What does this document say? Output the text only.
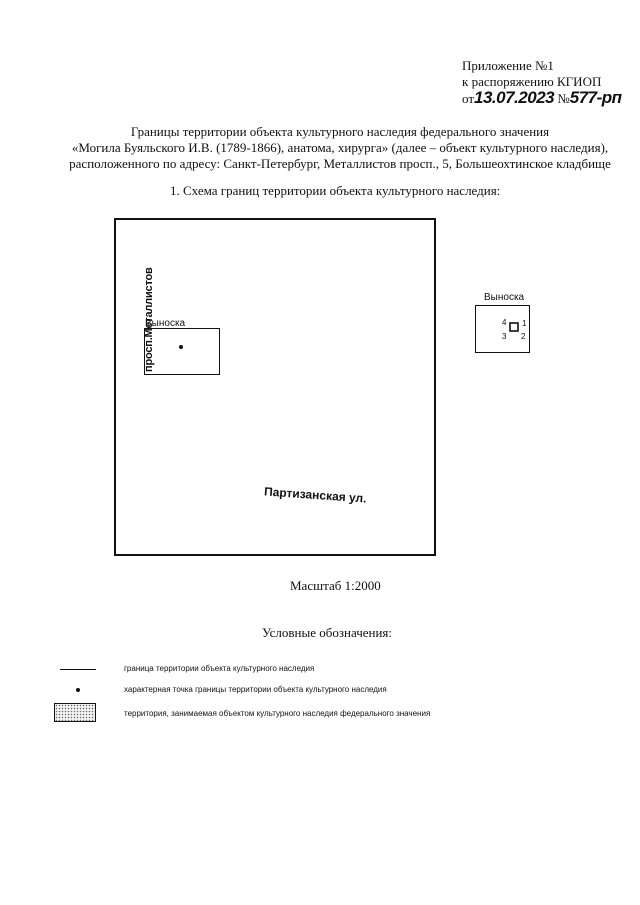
Приложение №1
к распоряжению КГИОП
от13.07.2023 №577-рп
Границы территории объекта культурного наследия федерального значения
«Могила Буяльского И.В. (1789-1866), анатома, хирурга» (далее – объект культурного наследия),
расположенного по адресу: Санкт-Петербург, Металлистов просп., 5, Большеохтинское кладбище
1. Схема границ территории объекта культурного наследия:
просп.Металлистов
Выноска
Партизанская ул.
Выноска
4 1
3 2
Масштаб 1:2000
Условные обозначения:
граница территории объекта культурного наследия
характерная точка границы территории объекта культурного наследия
территория, занимаемая объектом культурного наследия федерального значения
